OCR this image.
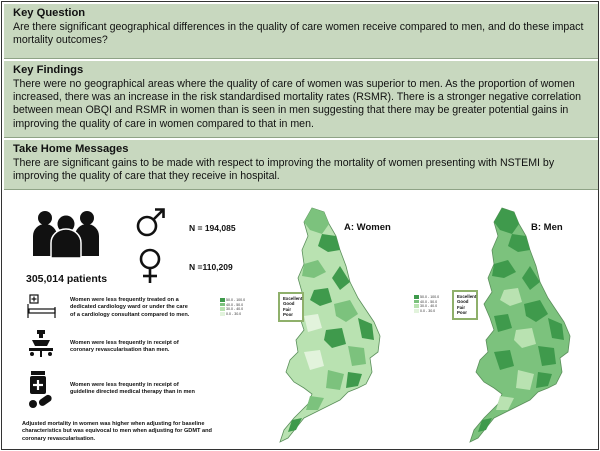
Key Question

Are there significant geographical differences in the quality of care women receive compared to men, and do these impact mortality outcomes?

Key Findings

There were no geographical areas where the quality of care of women was superior to men. As the proportion of women increased, there was an increase in the risk standardised mortality rates (RSMR). There is a stronger negative correlation between mean OBQI and RSMR in women than is seen in men suggesting that there may be greater potential gains in improving the quality of care in women compared to that in men.

Take Home Messages

There are significant gains to be made with respect to improving the mortality of women presenting with NSTEMI by improving the quality of care that they receive in hospital.

305,014 patients
N = 194,085
N =110,209
Women were less frequently treated on a dedicated cardiology ward or under the care of a cardiology consultant compared to men.
Women were less frequently in receipt of coronary revascularisation than men.
Women were less frequently in receipt of guideline directed medical therapy than in men
Adjusted mortality in women was higher when adjusting for baseline characteristics but was equivocal to men when adjusting for GDMT and coronary revascularisation.
A: Women
50.0 - 100.0
40.0 - 50.0
30.0 - 40.0
0.0 - 30.0
Excellent
Good
Fair
Poor
B: Men
50.0 - 100.0
40.0 - 50.0
30.0 - 40.0
0.0 - 30.0
Excellent
Good
Fair
Poor
